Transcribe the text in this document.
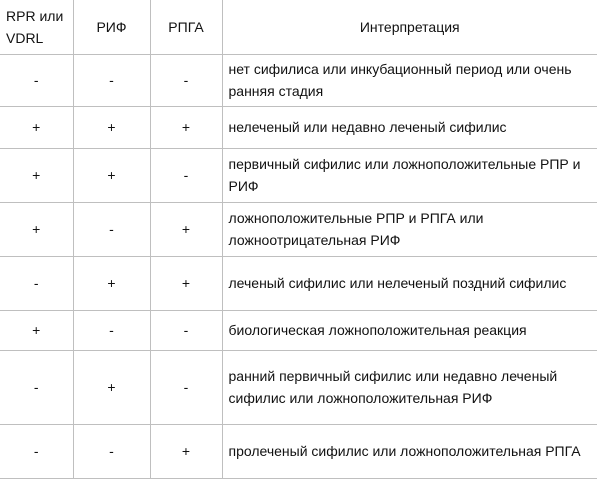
RPR или VDRL	РИФ	РПГА	Интерпретация
-	-	-	нет сифилиса или инкубационный период или очень ранняя стадия
+	+	+	нелеченый или недавно леченый сифилис
+	+	-	первичный сифилис или ложноположительные РПР и РИФ
+	-	+	ложноположительные РПР и РПГА или ложноотрицательная РИФ
-	+	+	леченый сифилис или нелеченый поздний сифилис
+	-	-	биологическая ложноположительная реакция
-	+	-	ранний первичный сифилис или недавно леченый сифилис или ложноположительная РИФ
-	-	+	пролеченый сифилис или ложноположительная РПГА
